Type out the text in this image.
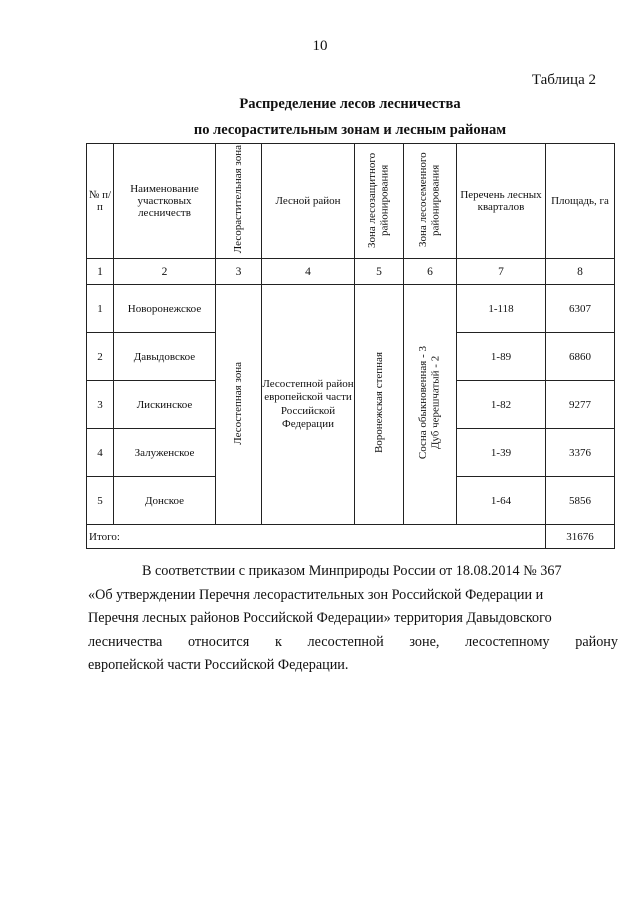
10
Таблица 2
Распределение лесов лесничества
по лесорастительным зонам и лесным районам
№ п/п	Наименование участковых лесничеств	Лесорастительная зона	Лесной район	Зона лесозащитного районирования	Зона лесосеменного районирования	Перечень лесных кварталов	Площадь, га
1	2	3	4	5	6	7	8
1	Новоронежское	Лесостепная зона	Лесостепной район европейской части Российской Федерации	Воронежская степная	Сосна обыкновенная - 3
Дуб черешчатый - 2	1-118	6307
2	Давыдовское					1-89	6860
3	Лискинское					1-82	9277
4	Залуженское					1-39	3376
5	Донское					1-64	5856
Итого:							31676

В соответствии с приказом Минприроды России от 18.08.2014 № 367

«Об утверждении Перечня лесорастительных зон Российской Федерации и

Перечня лесных районов Российской Федерации» территория Давыдовского

лесничества относится к лесостепной зоне, лесостепному району

европейской части Российской Федерации.
